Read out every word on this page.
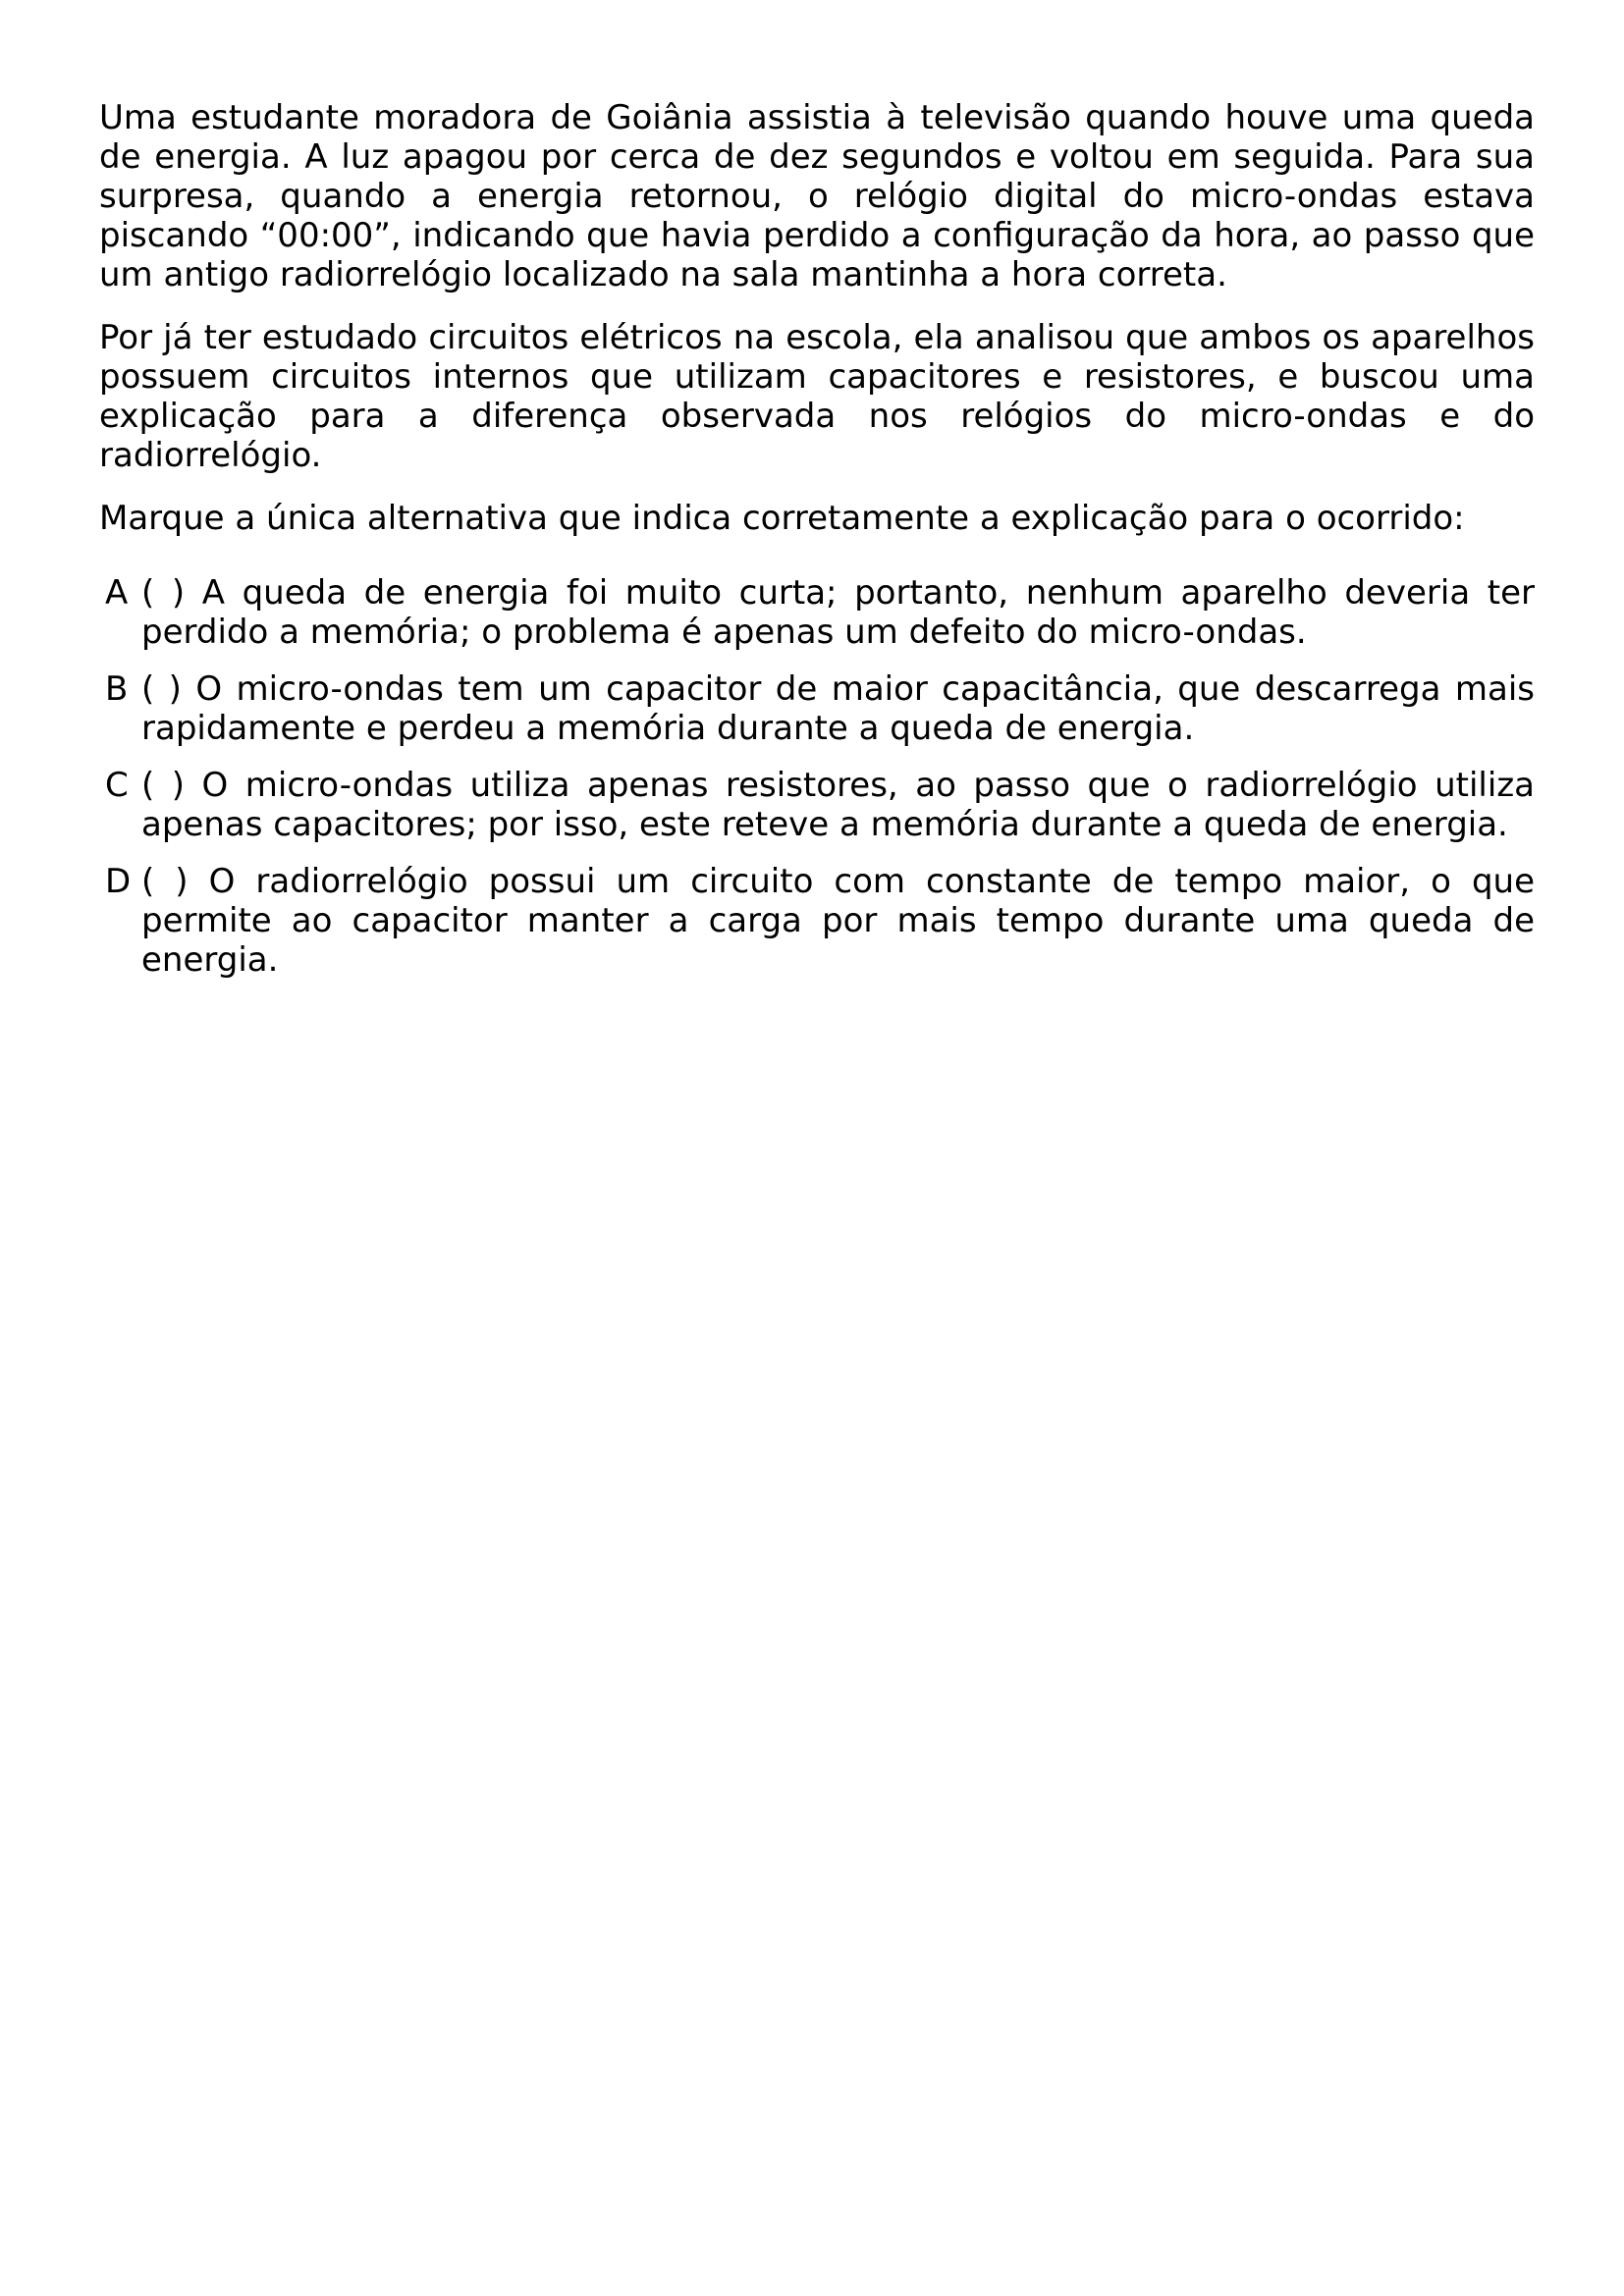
Uma estudante moradora de Goiânia assistia à televisão quando houve uma queda de energia. A luz apagou por cerca de dez segundos e voltou em seguida. Para sua surpresa, quando a energia retornou, o relógio digital do micro-ondas estava piscando “00:00”, indicando que havia perdido a configuração da hora, ao passo que um antigo radiorrelógio localizado na sala mantinha a hora correta.

Por já ter estudado circuitos elétricos na escola, ela analisou que ambos os aparelhos possuem circuitos internos que utilizam capacitores e resistores, e buscou uma explicação para a diferença observada nos relógios do micro-ondas e do radiorrelógio.

Marque a única alternativa que indica corretamente a explicação para o ocorrido:

A ( ) A queda de energia foi muito curta; portanto, nenhum aparelho deveria ter perdido a memória; o problema é apenas um defeito do micro-ondas.
B ( ) O micro-ondas tem um capacitor de maior capacitância, que descarrega mais rapidamente e perdeu a memória durante a queda de energia.
C ( ) O micro-ondas utiliza apenas resistores, ao passo que o radiorrelógio utiliza apenas capacitores; por isso, este reteve a memória durante a queda de energia.
D ( ) O radiorrelógio possui um circuito com constante de tempo maior, o que permite ao capacitor manter a carga por mais tempo durante uma queda de energia.
